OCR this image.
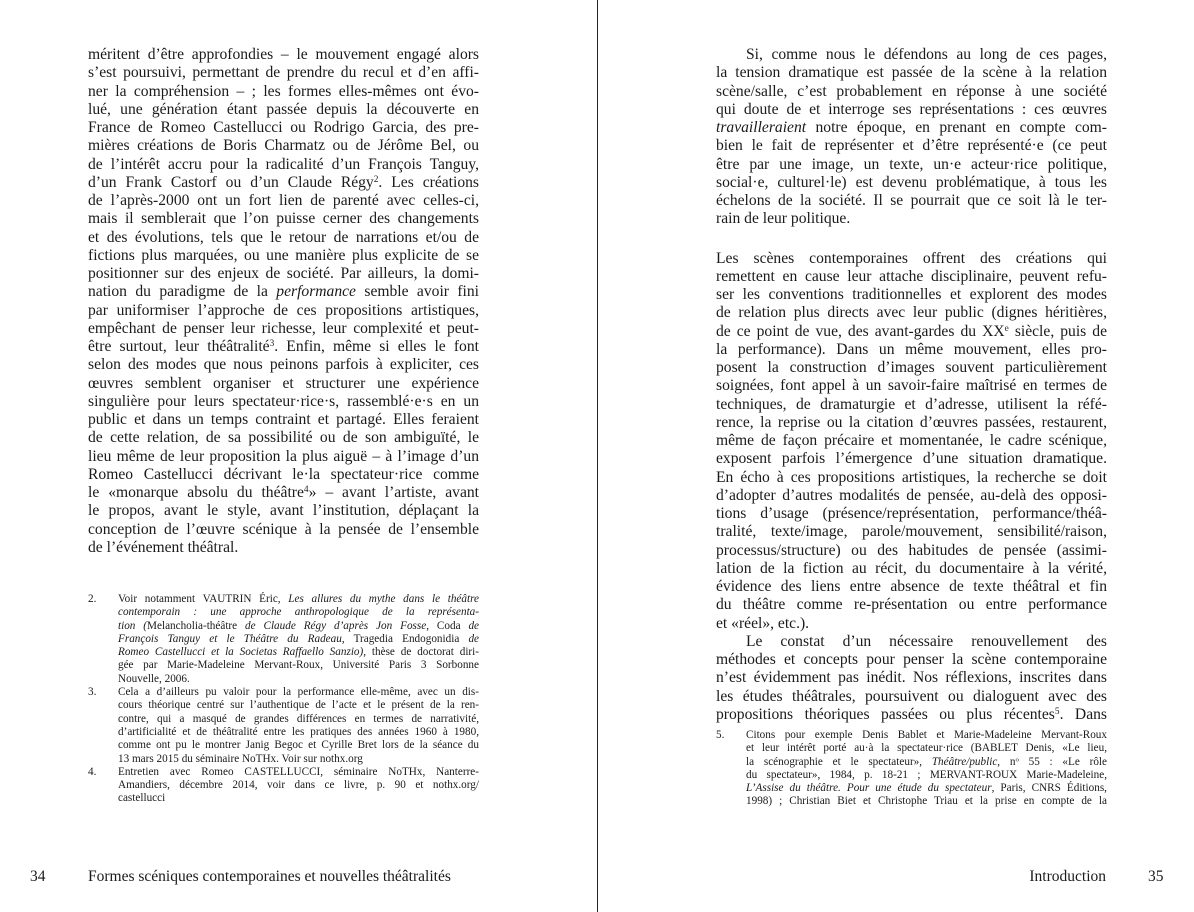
méritent d’être approfondies – le mouvement engagé alors
s’est poursuivi, permettant de prendre du recul et d’en affi-
ner la compréhension – ; les formes elles-mêmes ont évo-
lué, une génération étant passée depuis la découverte en
France de Romeo Castellucci ou Rodrigo Garcia, des pre-
mières créations de Boris Charmatz ou de Jérôme Bel, ou
de l’intérêt accru pour la radicalité d’un François Tanguy,
d’un Frank Castorf ou d’un Claude Régy$^2$. Les créations
de l’après-2000 ont un fort lien de parenté avec celles-ci,
mais il semblerait que l’on puisse cerner des changements
et des évolutions, tels que le retour de narrations et/ou de
fictions plus marquées, ou une manière plus explicite de se
positionner sur des enjeux de société. Par ailleurs, la domi-
nation du paradigme de la performance semble avoir fini
par uniformiser l’approche de ces propositions artistiques,
empêchant de penser leur richesse, leur complexité et peut-
être surtout, leur théâtralité$^3$. Enfin, même si elles le font
selon des modes que nous peinons parfois à expliciter, ces
œuvres semblent organiser et structurer une expérience
singulière pour leurs spectateur·rice·s, rassemblé·e·s en un
public et dans un temps contraint et partagé. Elles feraient
de cette relation, de sa possibilité ou de son ambiguïté, le
lieu même de leur proposition la plus aiguë – à l’image d’un
Romeo Castellucci décrivant le·la spectateur·rice comme
le «monarque absolu du théâtre$^4$» – avant l’artiste, avant
le propos, avant le style, avant l’institution, déplaçant la
conception de l’œuvre scénique à la pensée de l’ensemble
de l’événement théâtral.
2.	Voir notamment VAUTRIN Éric, Les allures du mythe dans le théâtre
contemporain : une approche anthropologique de la représenta-
tion (Melancholia-théâtre de Claude Régy d’après Jon Fosse, Coda de
François Tanguy et le Théâtre du Radeau, Tragedia Endogonidia de
Romeo Castellucci et la Societas Raffaello Sanzio), thèse de doctorat diri-
gée par Marie-Madeleine Mervant-Roux, Université Paris 3 Sorbonne
Nouvelle, 2006.
3.	Cela a d’ailleurs pu valoir pour la performance elle-même, avec un dis-
cours théorique centré sur l’authentique de l’acte et le présent de la ren-
contre, qui a masqué de grandes différences en termes de narrativité,
d’artificialité et de théâtralité entre les pratiques des années 1960 à 1980,
comme ont pu le montrer Janig Begoc et Cyrille Bret lors de la séance du
13 mars 2015 du séminaire NoTHx. Voir sur nothx.org
4.	Entretien avec Romeo CASTELLUCCI, séminaire NoTHx, Nanterre-
Amandiers, décembre 2014, voir dans ce livre, p. 90 et nothx.org/
castellucci
Si, comme nous le défendons au long de ces pages,
la tension dramatique est passée de la scène à la relation
scène/salle, c’est probablement en réponse à une société
qui doute de et interroge ses représentations : ces œuvres
travailleraient notre époque, en prenant en compte com-
bien le fait de représenter et d’être représenté·e (ce peut
être par une image, un texte, un·e acteur·rice politique,
social·e, culturel·le) est devenu problématique, à tous les
échelons de la société. Il se pourrait que ce soit là le ter-
rain de leur politique.
Les scènes contemporaines offrent des créations qui
remettent en cause leur attache disciplinaire, peuvent refu-
ser les conventions traditionnelles et explorent des modes
de relation plus directs avec leur public (dignes héritières,
de ce point de vue, des avant-gardes du XXe siècle, puis de
la performance). Dans un même mouvement, elles pro-
posent la construction d’images souvent particulièrement
soignées, font appel à un savoir-faire maîtrisé en termes de
techniques, de dramaturgie et d’adresse, utilisent la réfé-
rence, la reprise ou la citation d’œuvres passées, restaurent,
même de façon précaire et momentanée, le cadre scénique,
exposent parfois l’émergence d’une situation dramatique.
En écho à ces propositions artistiques, la recherche se doit
d’adopter d’autres modalités de pensée, au-delà des opposi-
tions d’usage (présence/représentation, performance/théâ-
tralité, texte/image, parole/mouvement, sensibilité/raison,
processus/structure) ou des habitudes de pensée (assimi-
lation de la fiction au récit, du documentaire à la vérité,
évidence des liens entre absence de texte théâtral et fin
du théâtre comme re-présentation ou entre performance
et «réel», etc.).
Le constat d’un nécessaire renouvellement des
méthodes et concepts pour penser la scène contemporaine
n’est évidemment pas inédit. Nos réflexions, inscrites dans
les études théâtrales, poursuivent ou dialoguent avec des
propositions théoriques passées ou plus récentes$^5$. Dans
5.	Citons pour exemple Denis Bablet et Marie-Madeleine Mervant-Roux
et leur intérêt porté au·à la spectateur·rice (BABLET Denis, «Le lieu,
la scénographie et le spectateur», Théâtre/public, $n^o$ 55 : «Le rôle
du spectateur», 1984, p. 18-21 ; MERVANT-ROUX Marie-Madeleine,
L’Assise du théâtre. Pour une étude du spectateur, Paris, CNRS Éditions,
1998) ; Christian Biet et Christophe Triau et la prise en compte de la
34	Formes scéniques contemporaines et nouvelles théâtralités	Introduction	35
